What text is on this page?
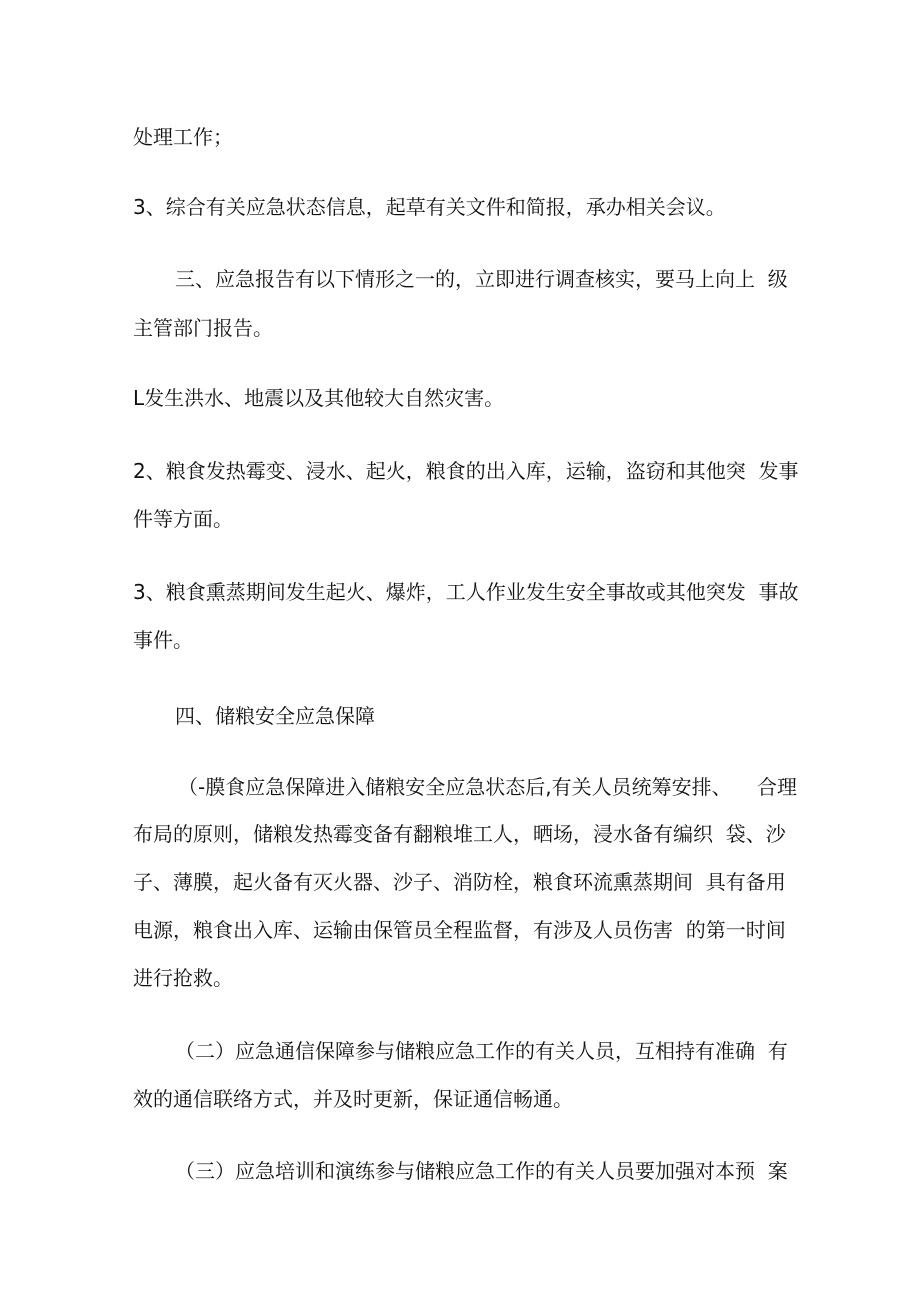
处理工作；

3、综合有关应急状态信息，起草有关文件和简报，承办相关会议。

三、应急报告有以下情形之一的，立即进行调查核实，要马上向上  级

主管部门报告。

L发生洪水、地震以及其他较大自然灾害。

2、粮食发热霉变、浸水、起火，粮食的出入库，运输，盗窃和其他突  发事

件等方面。

3、粮食熏蒸期间发生起火、爆炸，工人作业发生安全事故或其他突发  事故

事件。

四、储粮安全应急保障

（-膜食应急保障进入储粮安全应急状态后,有关人员统筹安排、    合理

布局的原则，储粮发热霉变备有翻粮堆工人，晒场，浸水备有编织  袋、沙

子、薄膜，起火备有灭火器、沙子、消防栓，粮食环流熏蒸期间  具有备用

电源，粮食出入库、运输由保管员全程监督，有涉及人员伤害  的第一时间

进行抢救。

（二）应急通信保障参与储粮应急工作的有关人员，互相持有准确  有

效的通信联络方式，并及时更新，保证通信畅通。

（三）应急培训和演练参与储粮应急工作的有关人员要加强对本预  案
